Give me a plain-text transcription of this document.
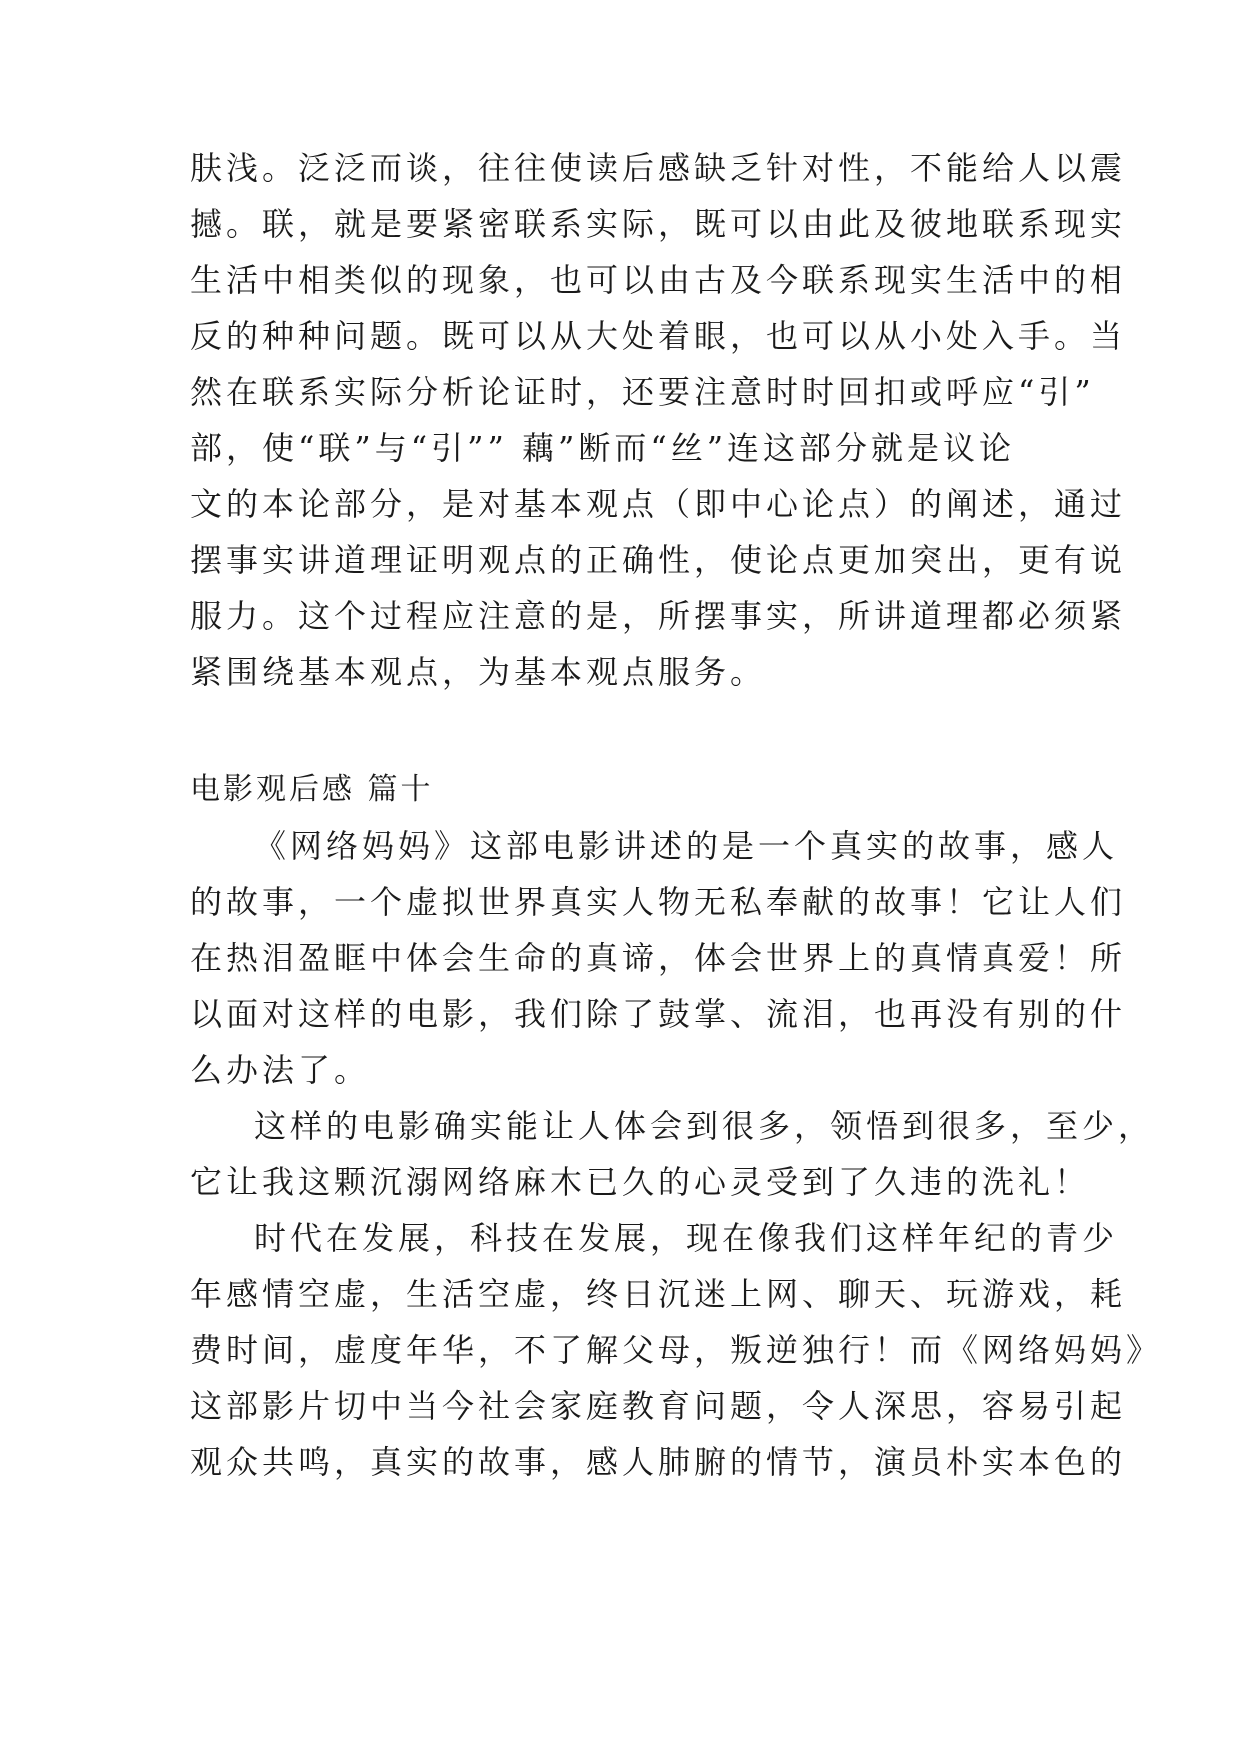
肤浅。泛泛而谈，往往使读后感缺乏针对性，不能给人以震
撼。联，就是要紧密联系实际，既可以由此及彼地联系现实
生活中相类似的现象，也可以由古及今联系现实生活中的相
反的种种问题。既可以从大处着眼，也可以从小处入手。当
然在联系实际分析论证时，还要注意时时回扣或呼应“引”
部，使“联”与“引”” 藕”断而“丝”连这部分就是议论
文的本论部分，是对基本观点（即中心论点）的阐述，通过
摆事实讲道理证明观点的正确性，使论点更加突出，更有说
服力。这个过程应注意的是，所摆事实，所讲道理都必须紧
紧围绕基本观点，为基本观点服务。
电影观后感 篇十
《网络妈妈》这部电影讲述的是一个真实的故事，感人
的故事，一个虚拟世界真实人物无私奉献的故事！它让人们
在热泪盈眶中体会生命的真谛，体会世界上的真情真爱！所
以面对这样的电影，我们除了鼓掌、流泪，也再没有别的什
么办法了。
这样的电影确实能让人体会到很多，领悟到很多，至少，
它让我这颗沉溺网络麻木已久的心灵受到了久违的洗礼！
时代在发展，科技在发展，现在像我们这样年纪的青少
年感情空虚，生活空虚，终日沉迷上网、聊天、玩游戏，耗
费时间，虚度年华，不了解父母，叛逆独行！而《网络妈妈》
这部影片切中当今社会家庭教育问题，令人深思，容易引起
观众共鸣，真实的故事，感人肺腑的情节，演员朴实本色的
